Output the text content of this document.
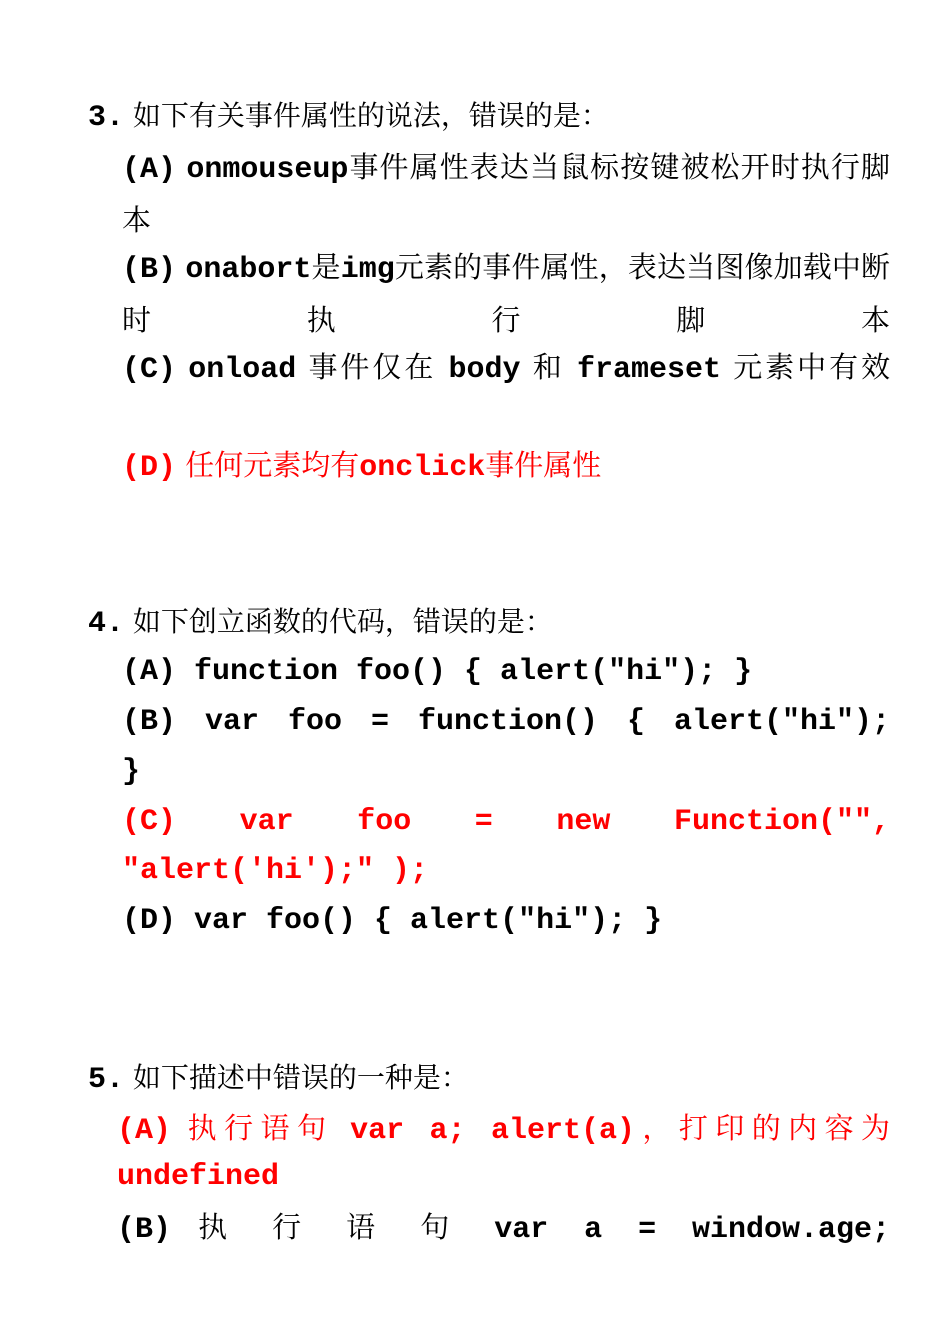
3. 如下有关事件属性的说法，错误的是：
(A) onmouseup事件属性表达当鼠标按键被松开时执行脚本
(B) onabort是img元素的事件属性，表达当图像加载中断时执行脚本
(C) onload 事件仅在 body 和 frameset 元素中有效
(D) 任何元素均有onclick事件属性
4. 如下创立函数的代码，错误的是：
(A) function foo() { alert("hi"); }
(B) var foo = function() { alert("hi");
}
(C) var foo = new Function("",
"alert('hi');" );
(D) var foo() { alert("hi"); }
5. 如下描述中错误的一种是：
(A) 执行语句 var a; alert(a)，打印的内容为
undefined
(B) 执 行 语 句 var a = window.age;
